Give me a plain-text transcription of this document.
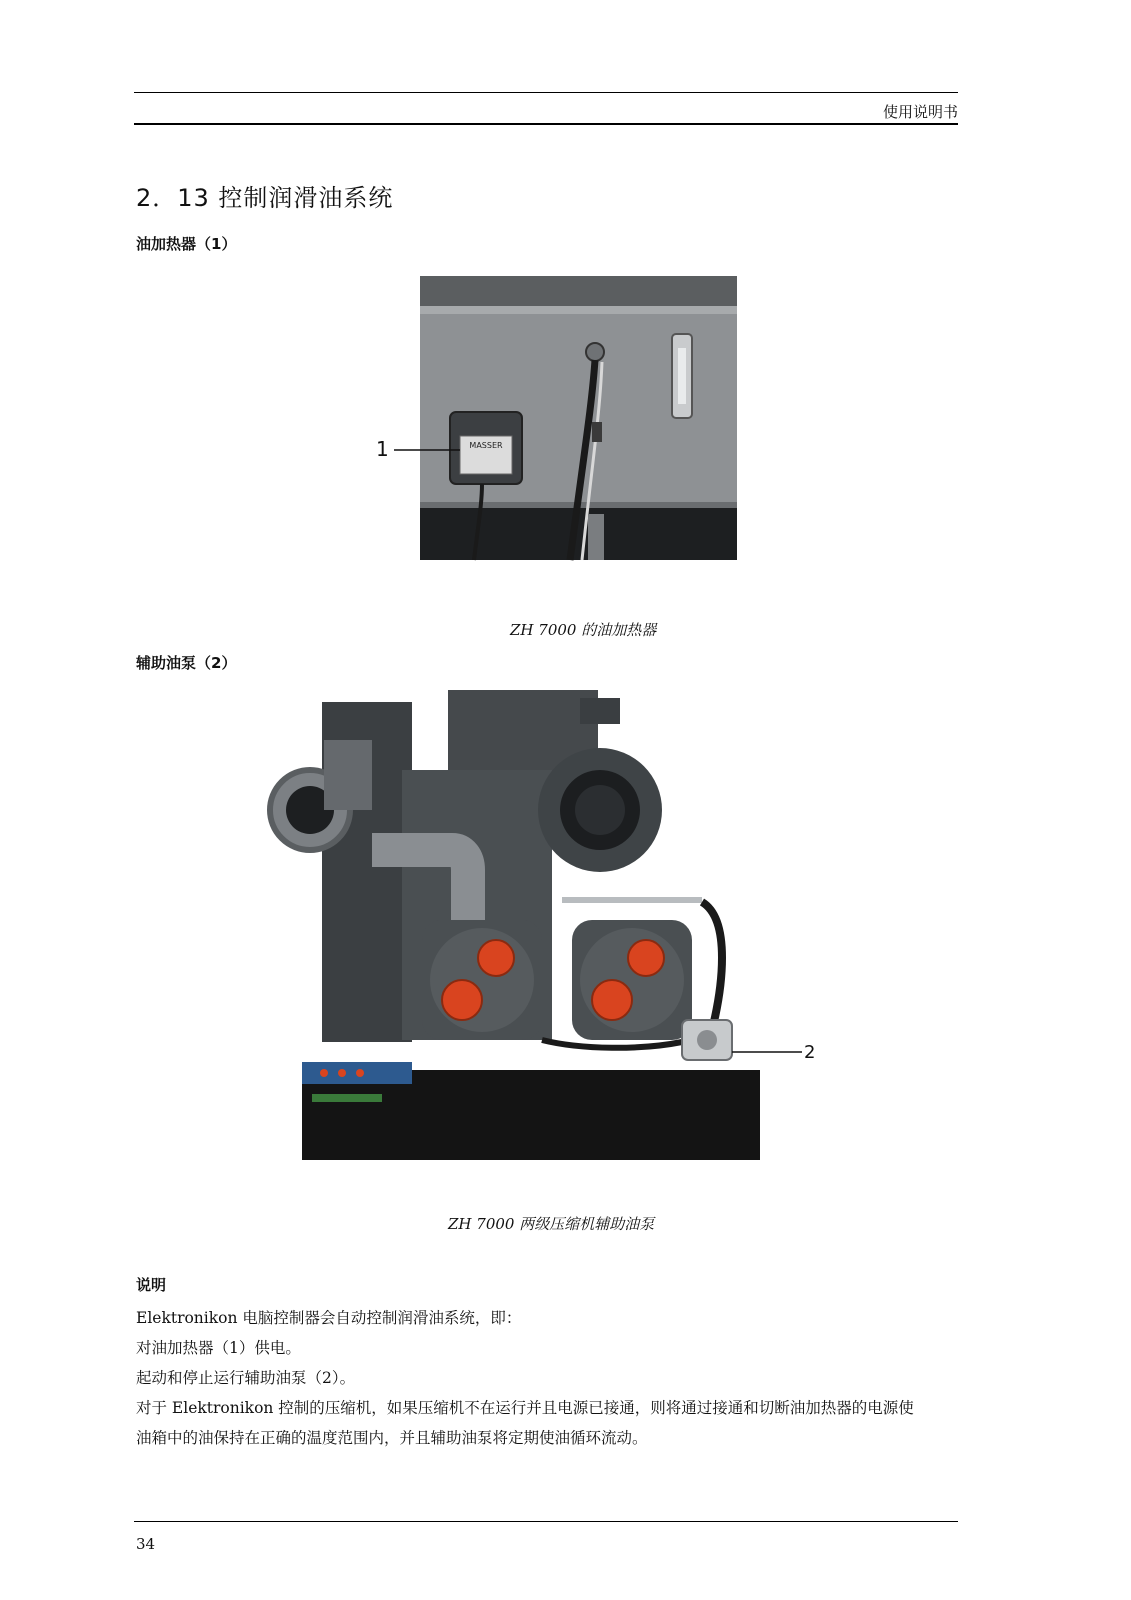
使用说明书
2．13 控制润滑油系统
油加热器（1）
MASSER
1
ZH 7000 的油加热器
辅助油泵（2）
2
ZH 7000 两级压缩机辅助油泵
说明

Elektronikon 电脑控制器会自动控制润滑油系统，即：

对油加热器（1）供电。

起动和停止运行辅助油泵（2）。

对于 Elektronikon 控制的压缩机，如果压缩机不在运行并且电源已接通，则将通过接通和切断油加热器的电源使

油箱中的油保持在正确的温度范围内，并且辅助油泵将定期使油循环流动。

34
